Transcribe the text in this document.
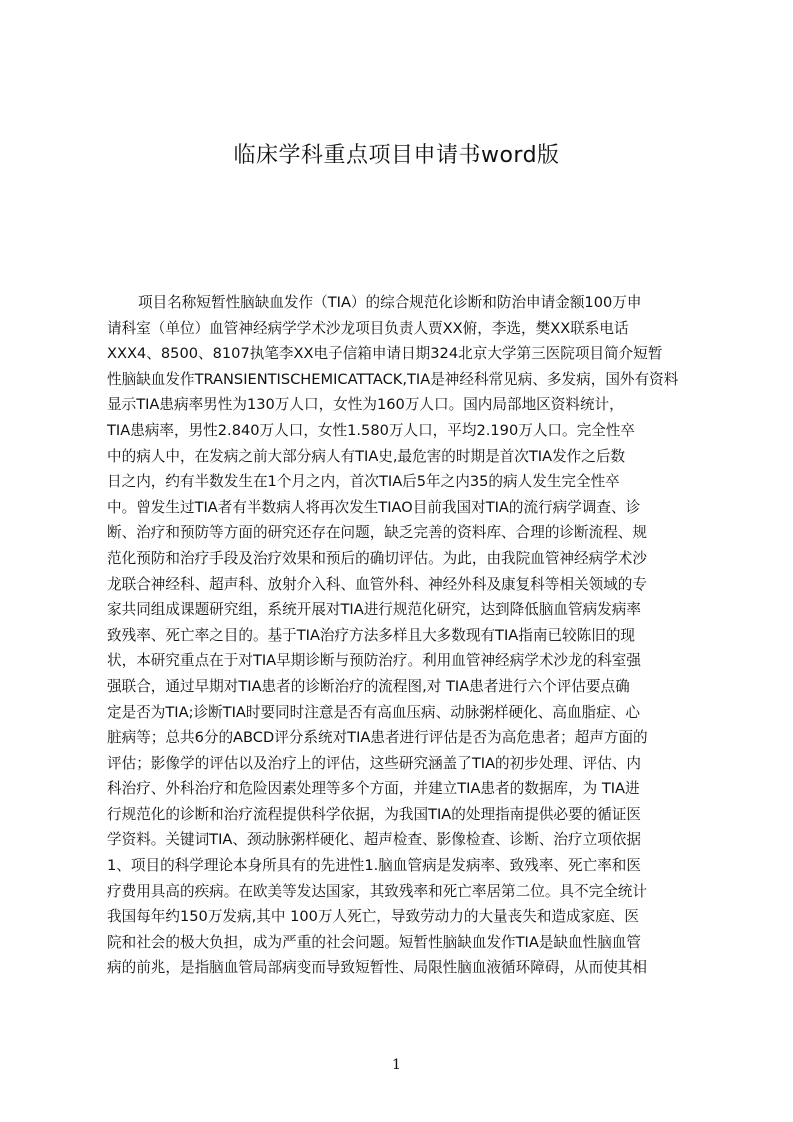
临床学科重点项目申请书word版
项目名称短暂性脑缺血发作（TIA）的综合规范化诊断和防治申请金额100万申
请科室（单位）血管神经病学学术沙龙项目负责人贾XX俯，李选，樊XX联系电话
XXX4、8500、8107执笔李XX电子信箱申请日期324北京大学第三医院项目简介短暂
性脑缺血发作TRANSIENTISCHEMICATTACK,TIA是神经科常见病、多发病，国外有资料
显示TIA患病率男性为130万人口，女性为160万人口。国内局部地区资料统计，
TIA患病率，男性2.840万人口，女性1.580万人口，平均2.190万人口。完全性卒
中的病人中，在发病之前大部分病人有TIA史,最危害的时期是首次TIA发作之后数
日之内，约有半数发生在1个月之内，首次TIA后5年之内35的病人发生完全性卒
中。曾发生过TIA者有半数病人将再次发生TIAO目前我国对TIA的流行病学调查、诊
断、治疗和预防等方面的研究还存在问题，缺乏完善的资料库、合理的诊断流程、规
范化预防和治疗手段及治疗效果和预后的确切评估。为此，由我院血管神经病学术沙
龙联合神经科、超声科、放射介入科、血管外科、神经外科及康复科等相关领域的专
家共同组成课题研究组，系统开展对TIA进行规范化研究，达到降低脑血管病发病率
致残率、死亡率之目的。基于TIA治疗方法多样且大多数现有TIA指南已较陈旧的现
状，本研究重点在于对TIA早期诊断与预防治疗。利用血管神经病学术沙龙的科室强
强联合，通过早期对TIA患者的诊断治疗的流程图,对 TIA患者进行六个评估要点确
定是否为TIA;诊断TIA时要同时注意是否有高血压病、动脉粥样硬化、高血脂症、心
脏病等；总共6分的ABCD评分系统对TIA患者进行评估是否为高危患者；超声方面的
评估；影像学的评估以及治疗上的评估，这些研究涵盖了TIA的初步处理、评估、内
科治疗、外科治疗和危险因素处理等多个方面，并建立TIA患者的数据库，为 TIA进
行规范化的诊断和治疗流程提供科学依据，为我国TIA的处理指南提供必要的循证医
学资料。关键词TIA、颈动脉粥样硬化、超声检查、影像检查、诊断、治疗立项依据
1、项目的科学理论本身所具有的先进性1.脑血管病是发病率、致残率、死亡率和医
疗费用具高的疾病。在欧美等发达国家，其致残率和死亡率居第二位。具不完全统计
我国每年约150万发病,其中 100万人死亡，导致劳动力的大量丧失和造成家庭、医
院和社会的极大负担，成为严重的社会问题。短暂性脑缺血发作TIA是缺血性脑血管
病的前兆，是指脑血管局部病变而导致短暂性、局限性脑血液循环障碍，从而使其相
1
